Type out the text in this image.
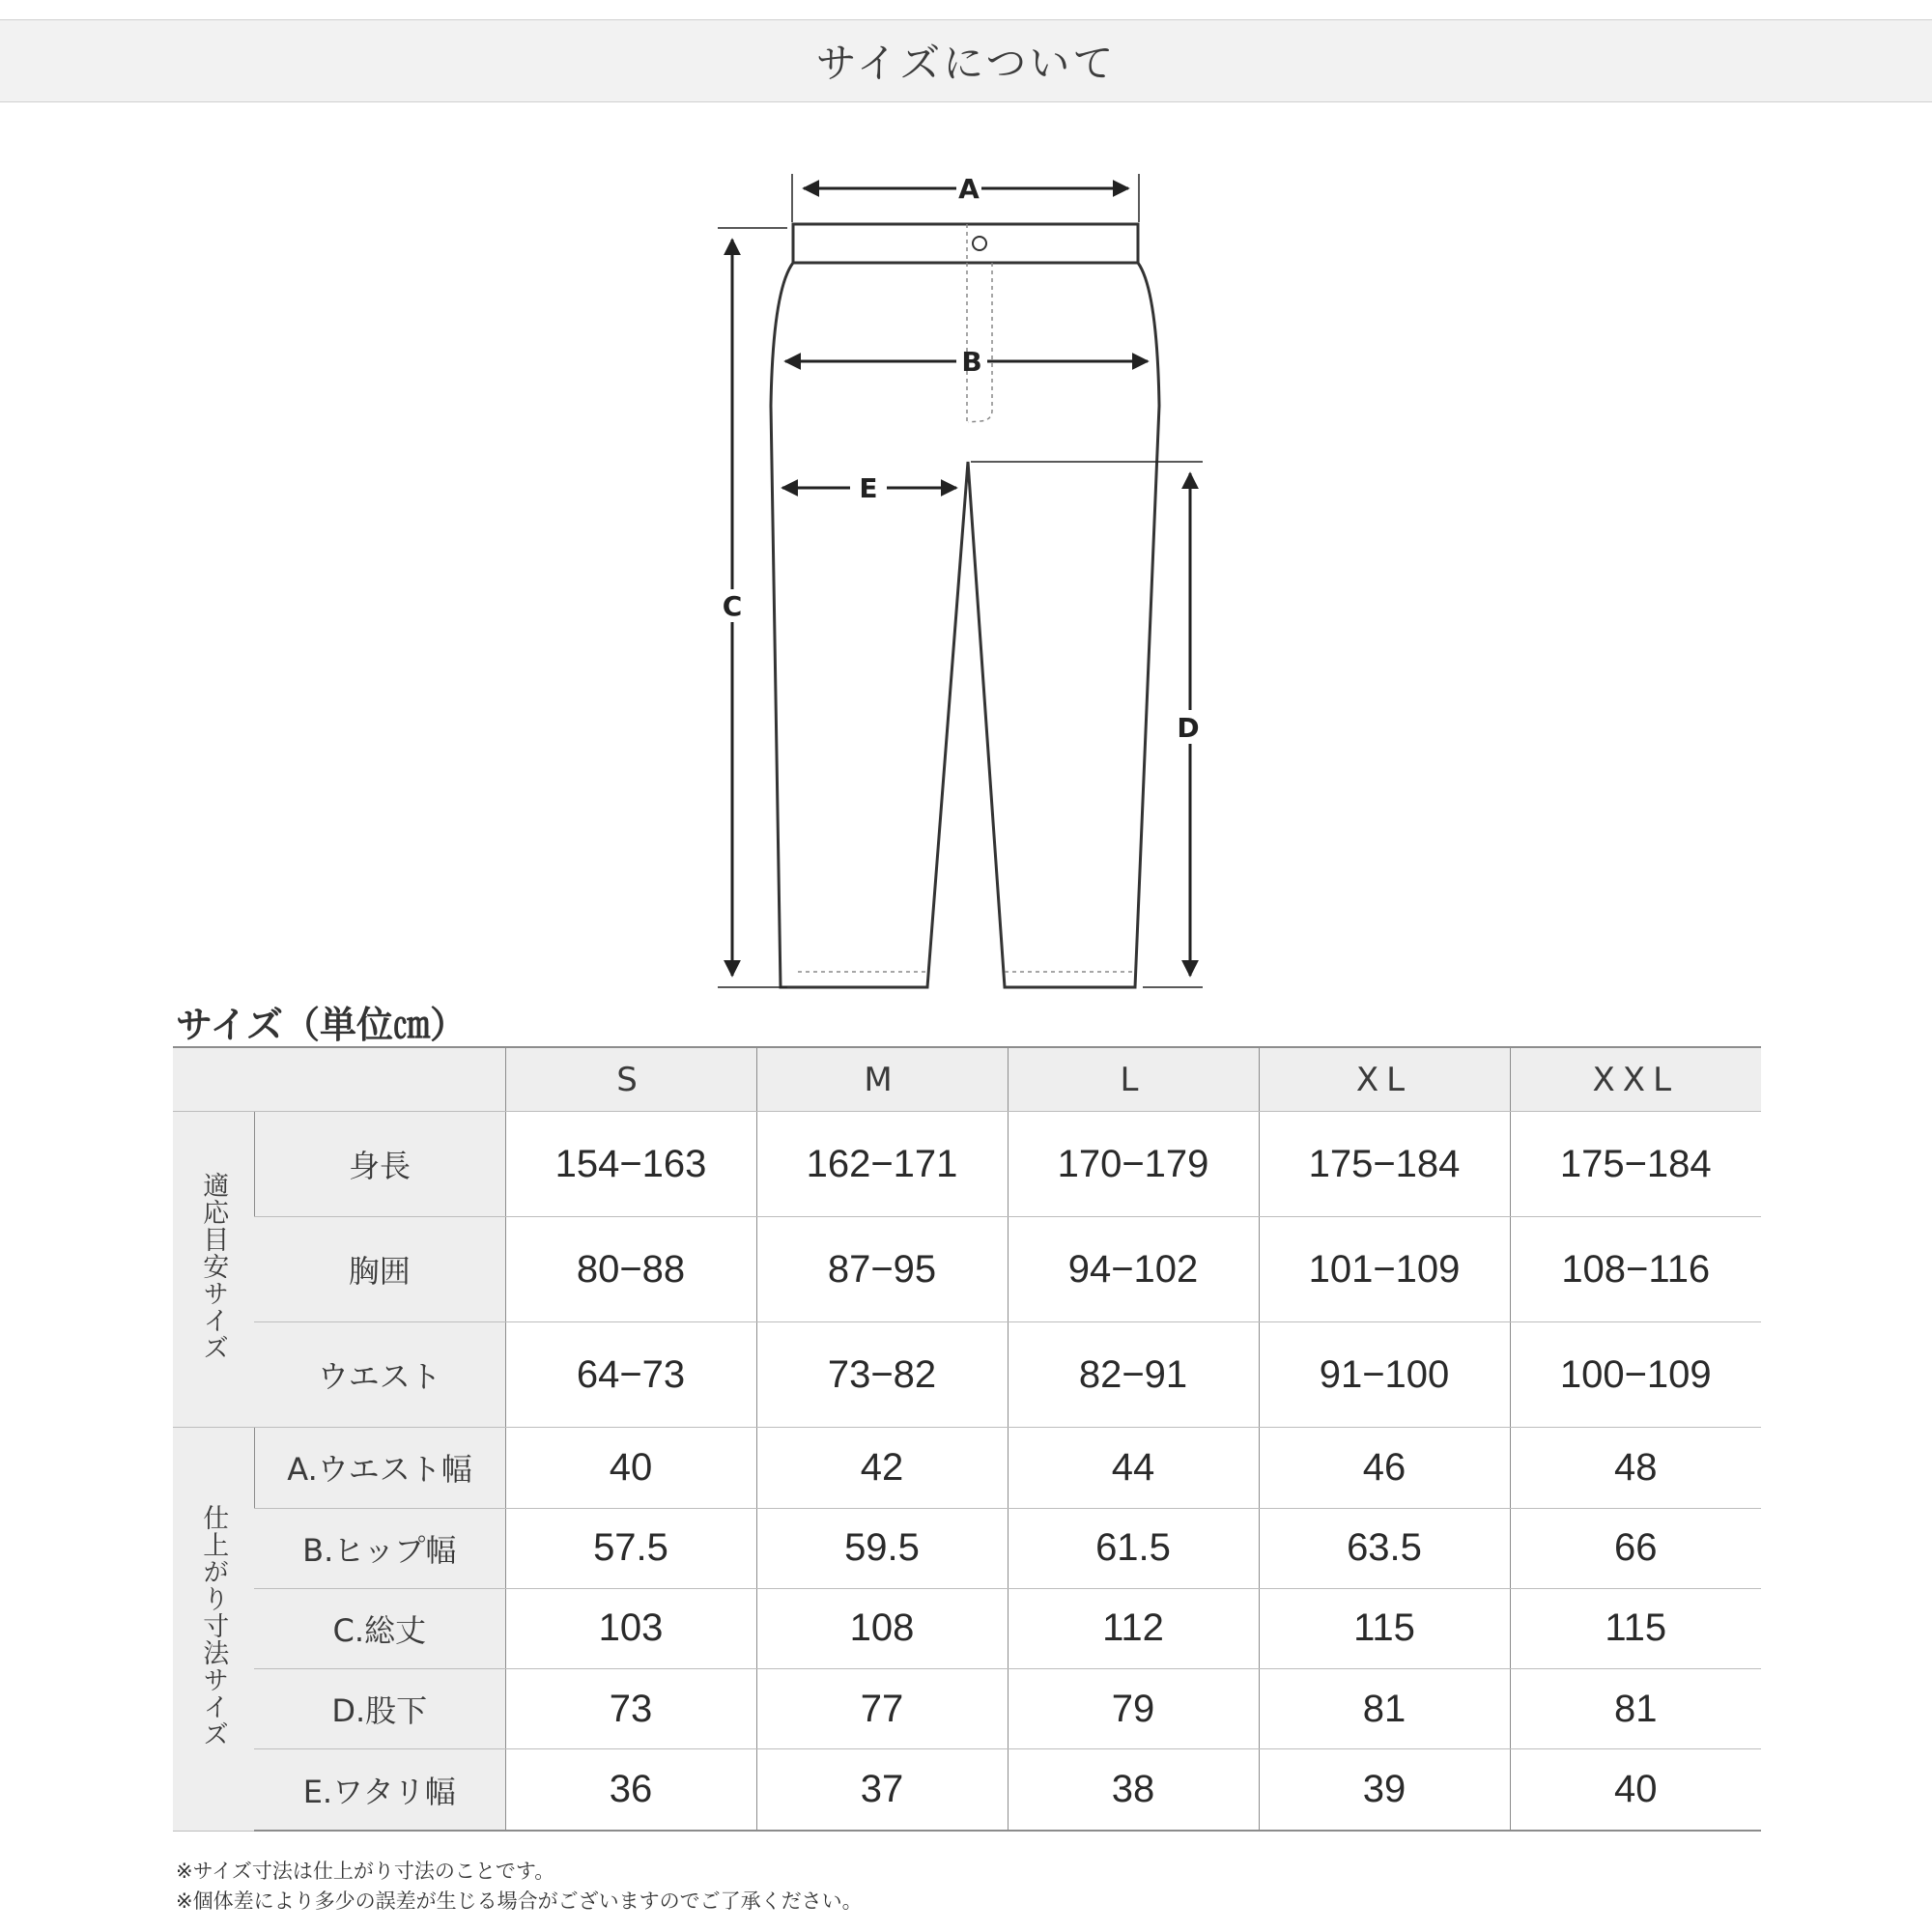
サイズについて
A
B
C
D
E
サイズ（単位㎝）
		S	M	L	XL	XXL
適応目安サイズ	身長	154−163	162−171	170−179	175−184	175−184
	胸囲	80−88	87−95	94−102	101−109	108−116
	ウエスト	64−73	73−82	82−91	91−100	100−109
仕上がり寸法サイズ	A.ウエスト幅	40	42	44	46	48
	B.ヒップ幅	57.5	59.5	61.5	63.5	66
	C.総丈	103	108	112	115	115
	D.股下	73	77	79	81	81
	E.ワタリ幅	36	37	38	39	40
※サイズ寸法は仕上がり寸法のことです。
※個体差により多少の誤差が生じる場合がございますのでご了承ください。
